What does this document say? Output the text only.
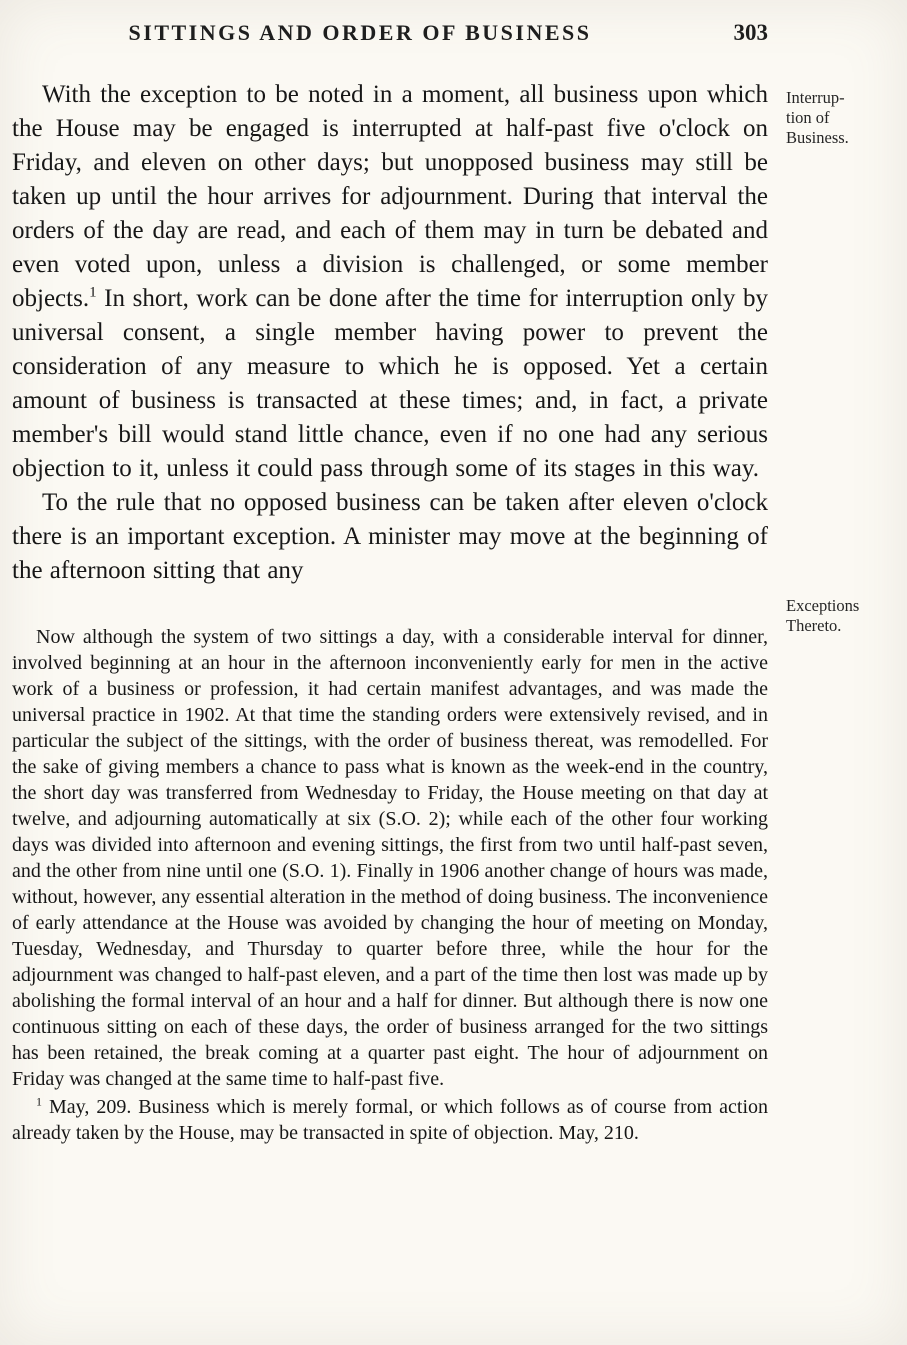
SITTINGS AND ORDER OF BUSINESS	303

With the exception to be noted in a moment, all business upon which the House may be engaged is interrupted at half-past five o'clock on Friday, and eleven on other days; but unopposed business may still be taken up until the hour arrives for adjournment. During that interval the orders of the day are read, and each of them may in turn be debated and even voted upon, unless a division is challenged, or some member objects.$^1$ In short, work can be done after the time for interruption only by universal consent, a single member having power to prevent the consideration of any measure to which he is opposed. Yet a certain amount of business is transacted at these times; and, in fact, a private member's bill would stand little chance, even if no one had any serious objection to it, unless it could pass through some of its stages in this way.

To the rule that no opposed business can be taken after eleven o'clock there is an important exception. A minister may move at the beginning of the afternoon sitting that any

Now although the system of two sittings a day, with a considerable interval for dinner, involved beginning at an hour in the afternoon inconveniently early for men in the active work of a business or profession, it had certain manifest advantages, and was made the universal practice in 1902. At that time the standing orders were extensively revised, and in particular the subject of the sittings, with the order of business thereat, was remodelled. For the sake of giving members a chance to pass what is known as the week-end in the country, the short day was transferred from Wednesday to Friday, the House meeting on that day at twelve, and adjourning automatically at six (S.O. 2); while each of the other four working days was divided into afternoon and evening sittings, the first from two until half-past seven, and the other from nine until one (S.O. 1). Finally in 1906 another change of hours was made, without, however, any essential alteration in the method of doing business. The inconvenience of early attendance at the House was avoided by changing the hour of meeting on Monday, Tuesday, Wednesday, and Thursday to quarter before three, while the hour for the adjournment was changed to half-past eleven, and a part of the time then lost was made up by abolishing the formal interval of an hour and a half for dinner. But although there is now one continuous sitting on each of these days, the order of business arranged for the two sittings has been retained, the break coming at a quarter past eight. The hour of adjournment on Friday was changed at the same time to half-past five.

$^1$ May, 209. Business which is merely formal, or which follows as of course from action already taken by the House, may be transacted in spite of objection. May, 210.

Interrup-
tion of
Business.
Exceptions
Thereto.
